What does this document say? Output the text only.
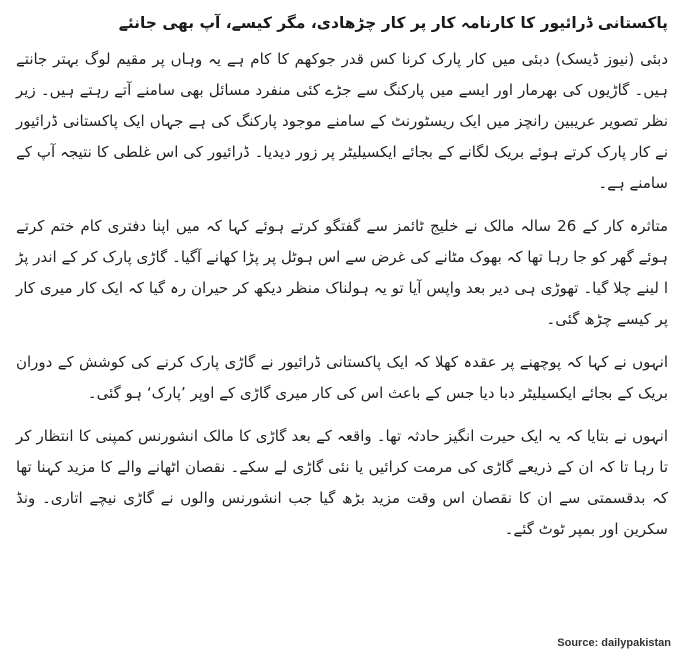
پاکستانی ڈرائیور کا کارنامہ کار پر کار چڑھادی، مگر کیسے، آپ بھی جانئے

دبئی (نیوز ڈیسک) دبئی میں کار پارک کرنا کس قدر جوکھم کا کام ہے یہ وہاں پر مقیم لوگ بہتر جانتے ہیں۔ گاڑیوں کی بھرمار اور ایسے میں پارکنگ سے جڑے کئی منفرد مسائل بھی سامنے آتے رہتے ہیں۔ زیر نظر تصویر عریبین رانچز میں ایک ریسٹورنٹ کے سامنے موجود پارکنگ کی ہے جہاں ایک پاکستانی ڈرائیور نے کار پارک کرتے ہوئے بریک لگانے کے بجائے ایکسیلیٹر پر زور دیدیا۔ ڈرائیور کی اس غلطی کا نتیجہ آپ کے سامنے ہے۔

متاثرہ کار کے 26 سالہ مالک نے خلیج ٹائمز سے گفتگو کرتے ہوئے کہا کہ میں اپنا دفتری کام ختم کرتے ہوئے گھر کو جا رہا تھا کہ بھوک مٹانے کی غرض سے اس ہوٹل پر پڑا کھانے آگیا۔ گاڑی پارک کر کے اندر پڑ ا لینے چلا گیا۔ تھوڑی ہی دیر بعد واپس آیا تو یہ ہولناک منظر دیکھ کر حیران رہ گیا کہ ایک کار میری کار پر کیسے چڑھ گئی۔

انہوں نے کہا کہ پوچھنے پر عقدہ کھلا کہ ایک پاکستانی ڈرائیور نے گاڑی پارک کرنے کی کوشش کے دوران بریک کے بجائے ایکسیلیٹر دبا دیا جس کے باعث اس کی کار میری گاڑی کے اوپر ’پارک‘ ہو گئی۔

انہوں نے بتایا کہ یہ ایک حیرت انگیز حادثہ تھا۔ واقعہ کے بعد گاڑی کا مالک انشورنس کمپنی کا انتظار کر تا رہا تا کہ ان کے ذریعے گاڑی کی مرمت کرائیں یا نئی گاڑی لے سکے۔ نقصان اٹھانے والے کا مزید کہنا تھا کہ بدقسمتی سے ان کا نقصان اس وقت مزید بڑھ گیا جب انشورنس والوں نے گاڑی نیچے اتاری۔ ونڈ سکرین اور بمپر ٹوٹ گئے۔

Source: dailypakistan
